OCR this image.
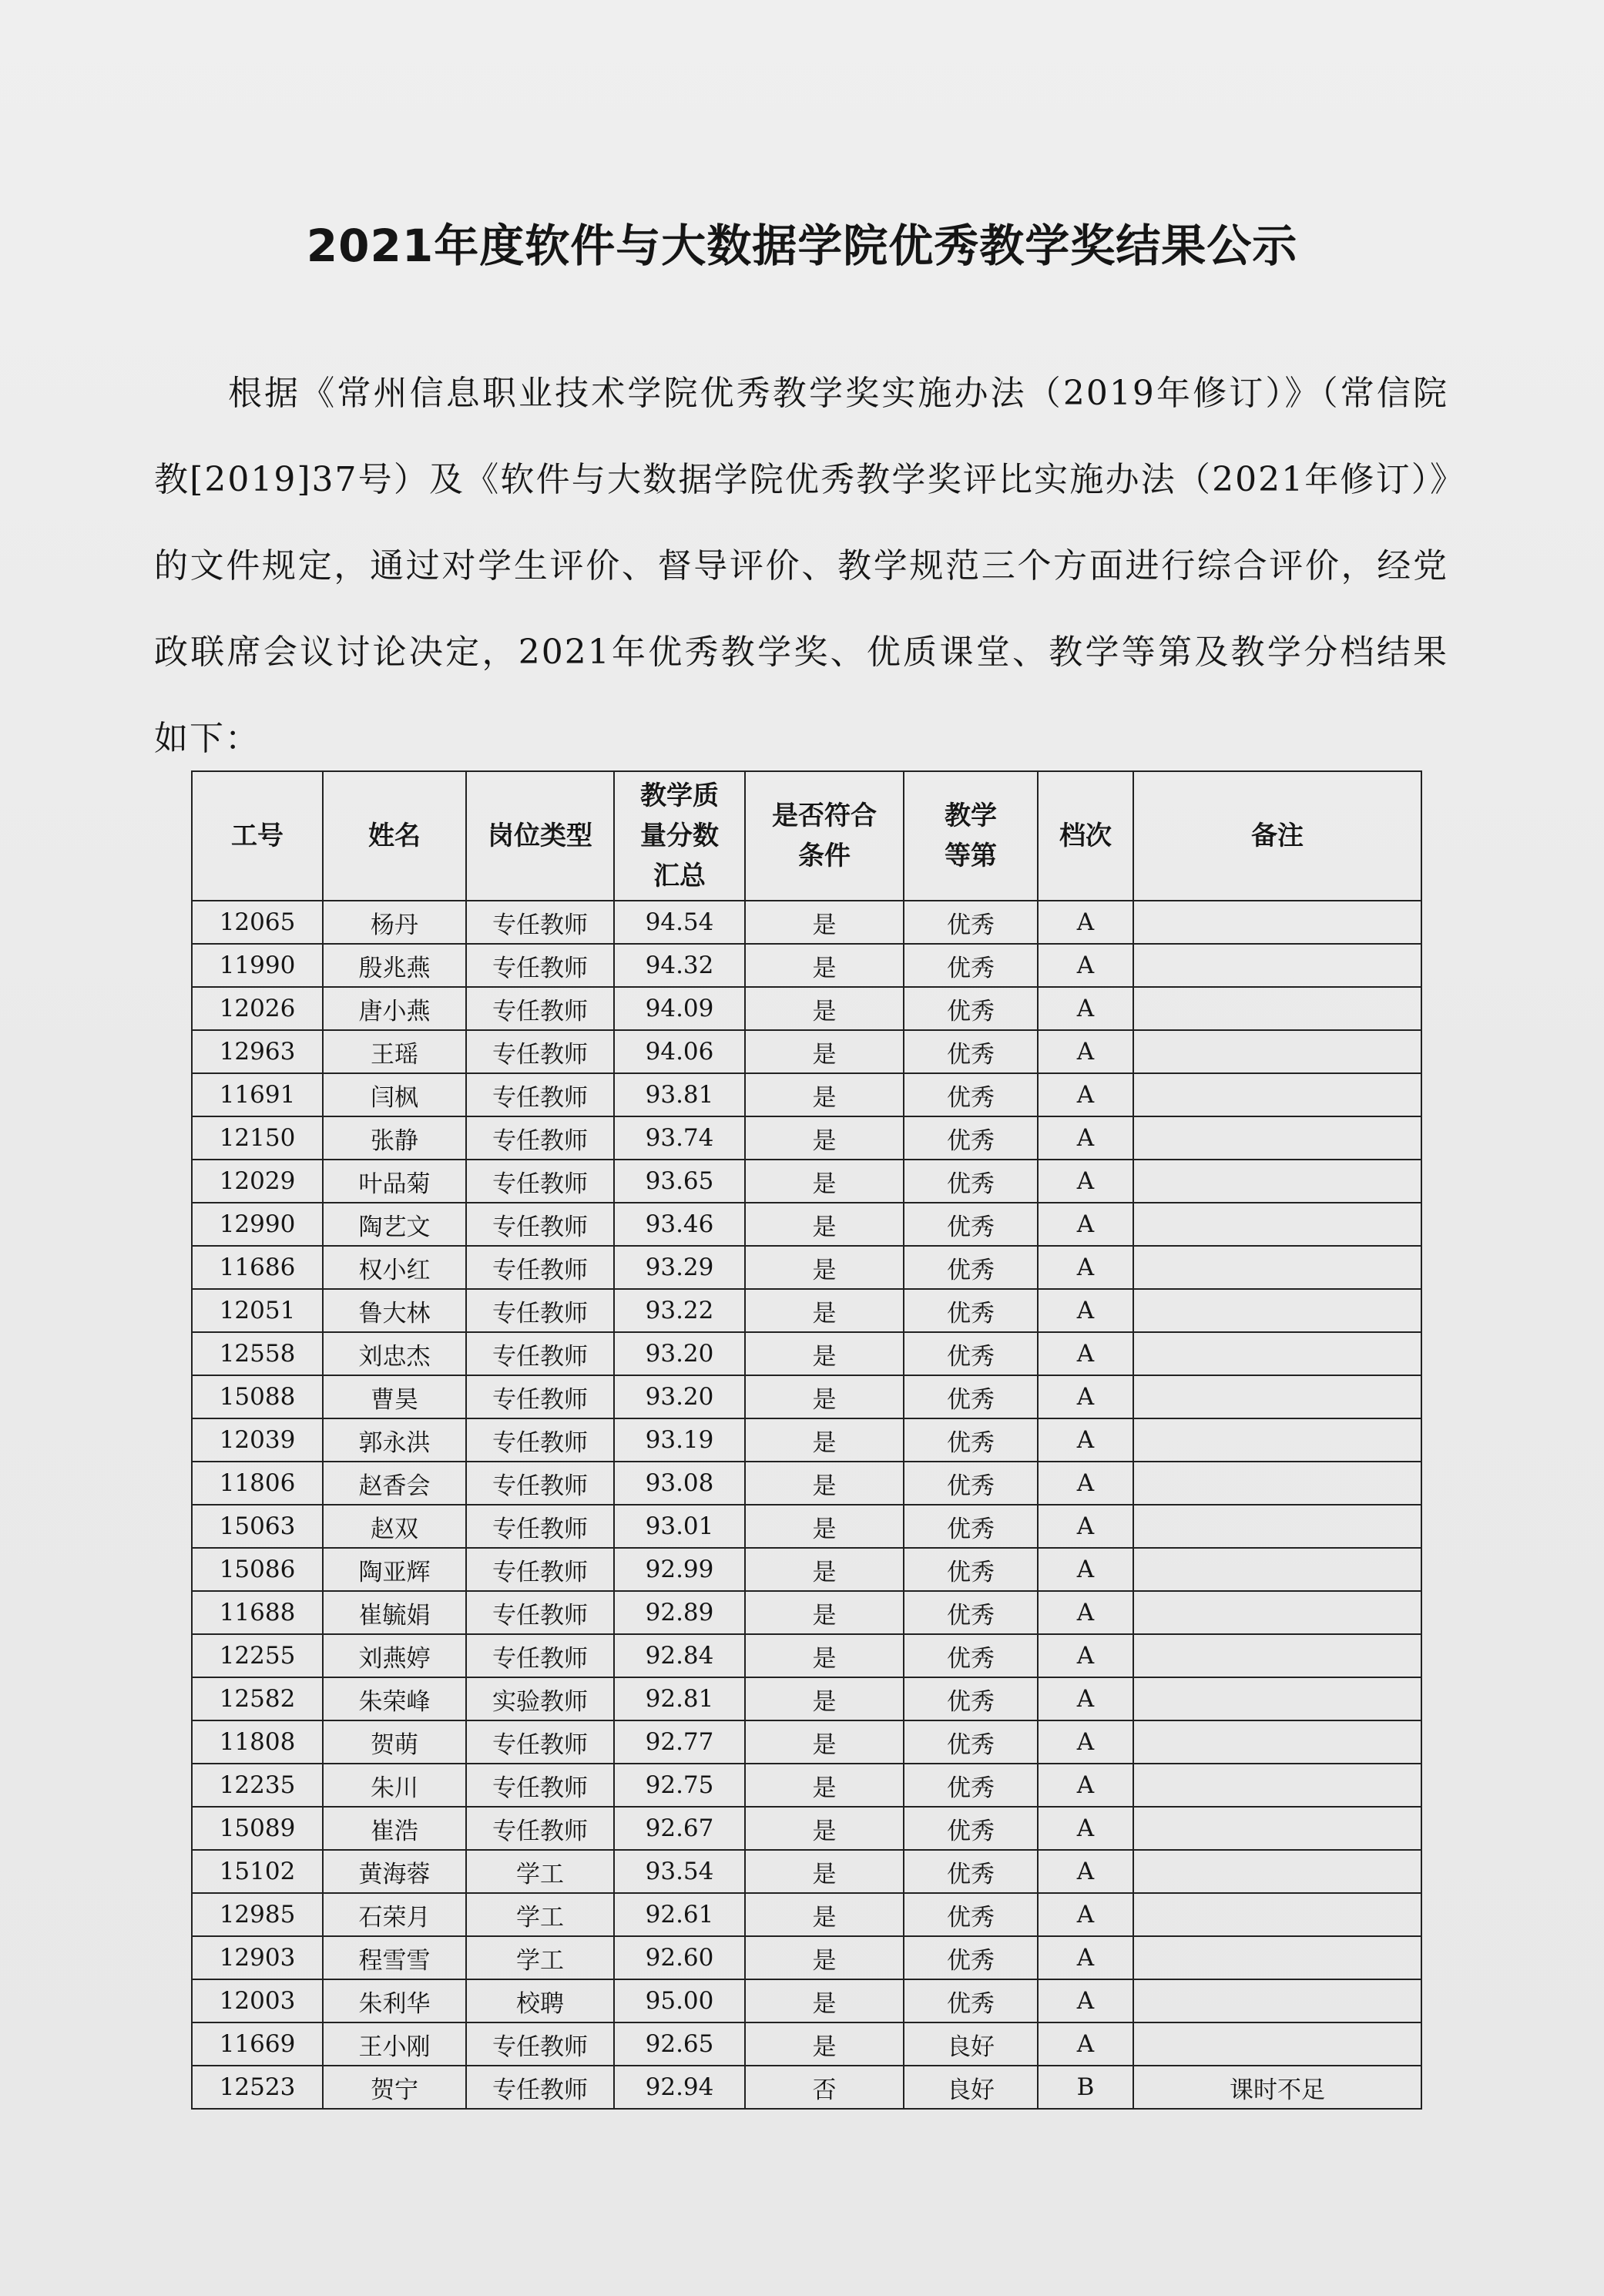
2021年度软件与大数据学院优秀教学奖结果公示
根据《常州信息职业技术学院优秀教学奖实施办法（2019年修订）》（常信院教[2019]37号）及《软件与大数据学院优秀教学奖评比实施办法（2021年修订）》的文件规定，通过对学生评价、督导评价、教学规范三个方面进行综合评价，经党政联席会议讨论决定，2021年优秀教学奖、优质课堂、教学等第及教学分档结果如下：
工号	姓名	岗位类型	教学质量分数汇总	是否符合条件	教学等第	档次	备注
12065	杨丹	专任教师	94.54	是	优秀	A	
11990	殷兆燕	专任教师	94.32	是	优秀	A	
12026	唐小燕	专任教师	94.09	是	优秀	A	
12963	王瑶	专任教师	94.06	是	优秀	A	
11691	闫枫	专任教师	93.81	是	优秀	A	
12150	张静	专任教师	93.74	是	优秀	A	
12029	叶品菊	专任教师	93.65	是	优秀	A	
12990	陶艺文	专任教师	93.46	是	优秀	A	
11686	权小红	专任教师	93.29	是	优秀	A	
12051	鲁大林	专任教师	93.22	是	优秀	A	
12558	刘忠杰	专任教师	93.20	是	优秀	A	
15088	曹昊	专任教师	93.20	是	优秀	A	
12039	郭永洪	专任教师	93.19	是	优秀	A	
11806	赵香会	专任教师	93.08	是	优秀	A	
15063	赵双	专任教师	93.01	是	优秀	A	
15086	陶亚辉	专任教师	92.99	是	优秀	A	
11688	崔毓娟	专任教师	92.89	是	优秀	A	
12255	刘燕婷	专任教师	92.84	是	优秀	A	
12582	朱荣峰	实验教师	92.81	是	优秀	A	
11808	贺萌	专任教师	92.77	是	优秀	A	
12235	朱川	专任教师	92.75	是	优秀	A	
15089	崔浩	专任教师	92.67	是	优秀	A	
15102	黄海蓉	学工	93.54	是	优秀	A	
12985	石荣月	学工	92.61	是	优秀	A	
12903	程雪雪	学工	92.60	是	优秀	A	
12003	朱利华	校聘	95.00	是	优秀	A	
11669	王小刚	专任教师	92.65	是	良好	A	
12523	贺宁	专任教师	92.94	否	良好	B	课时不足
